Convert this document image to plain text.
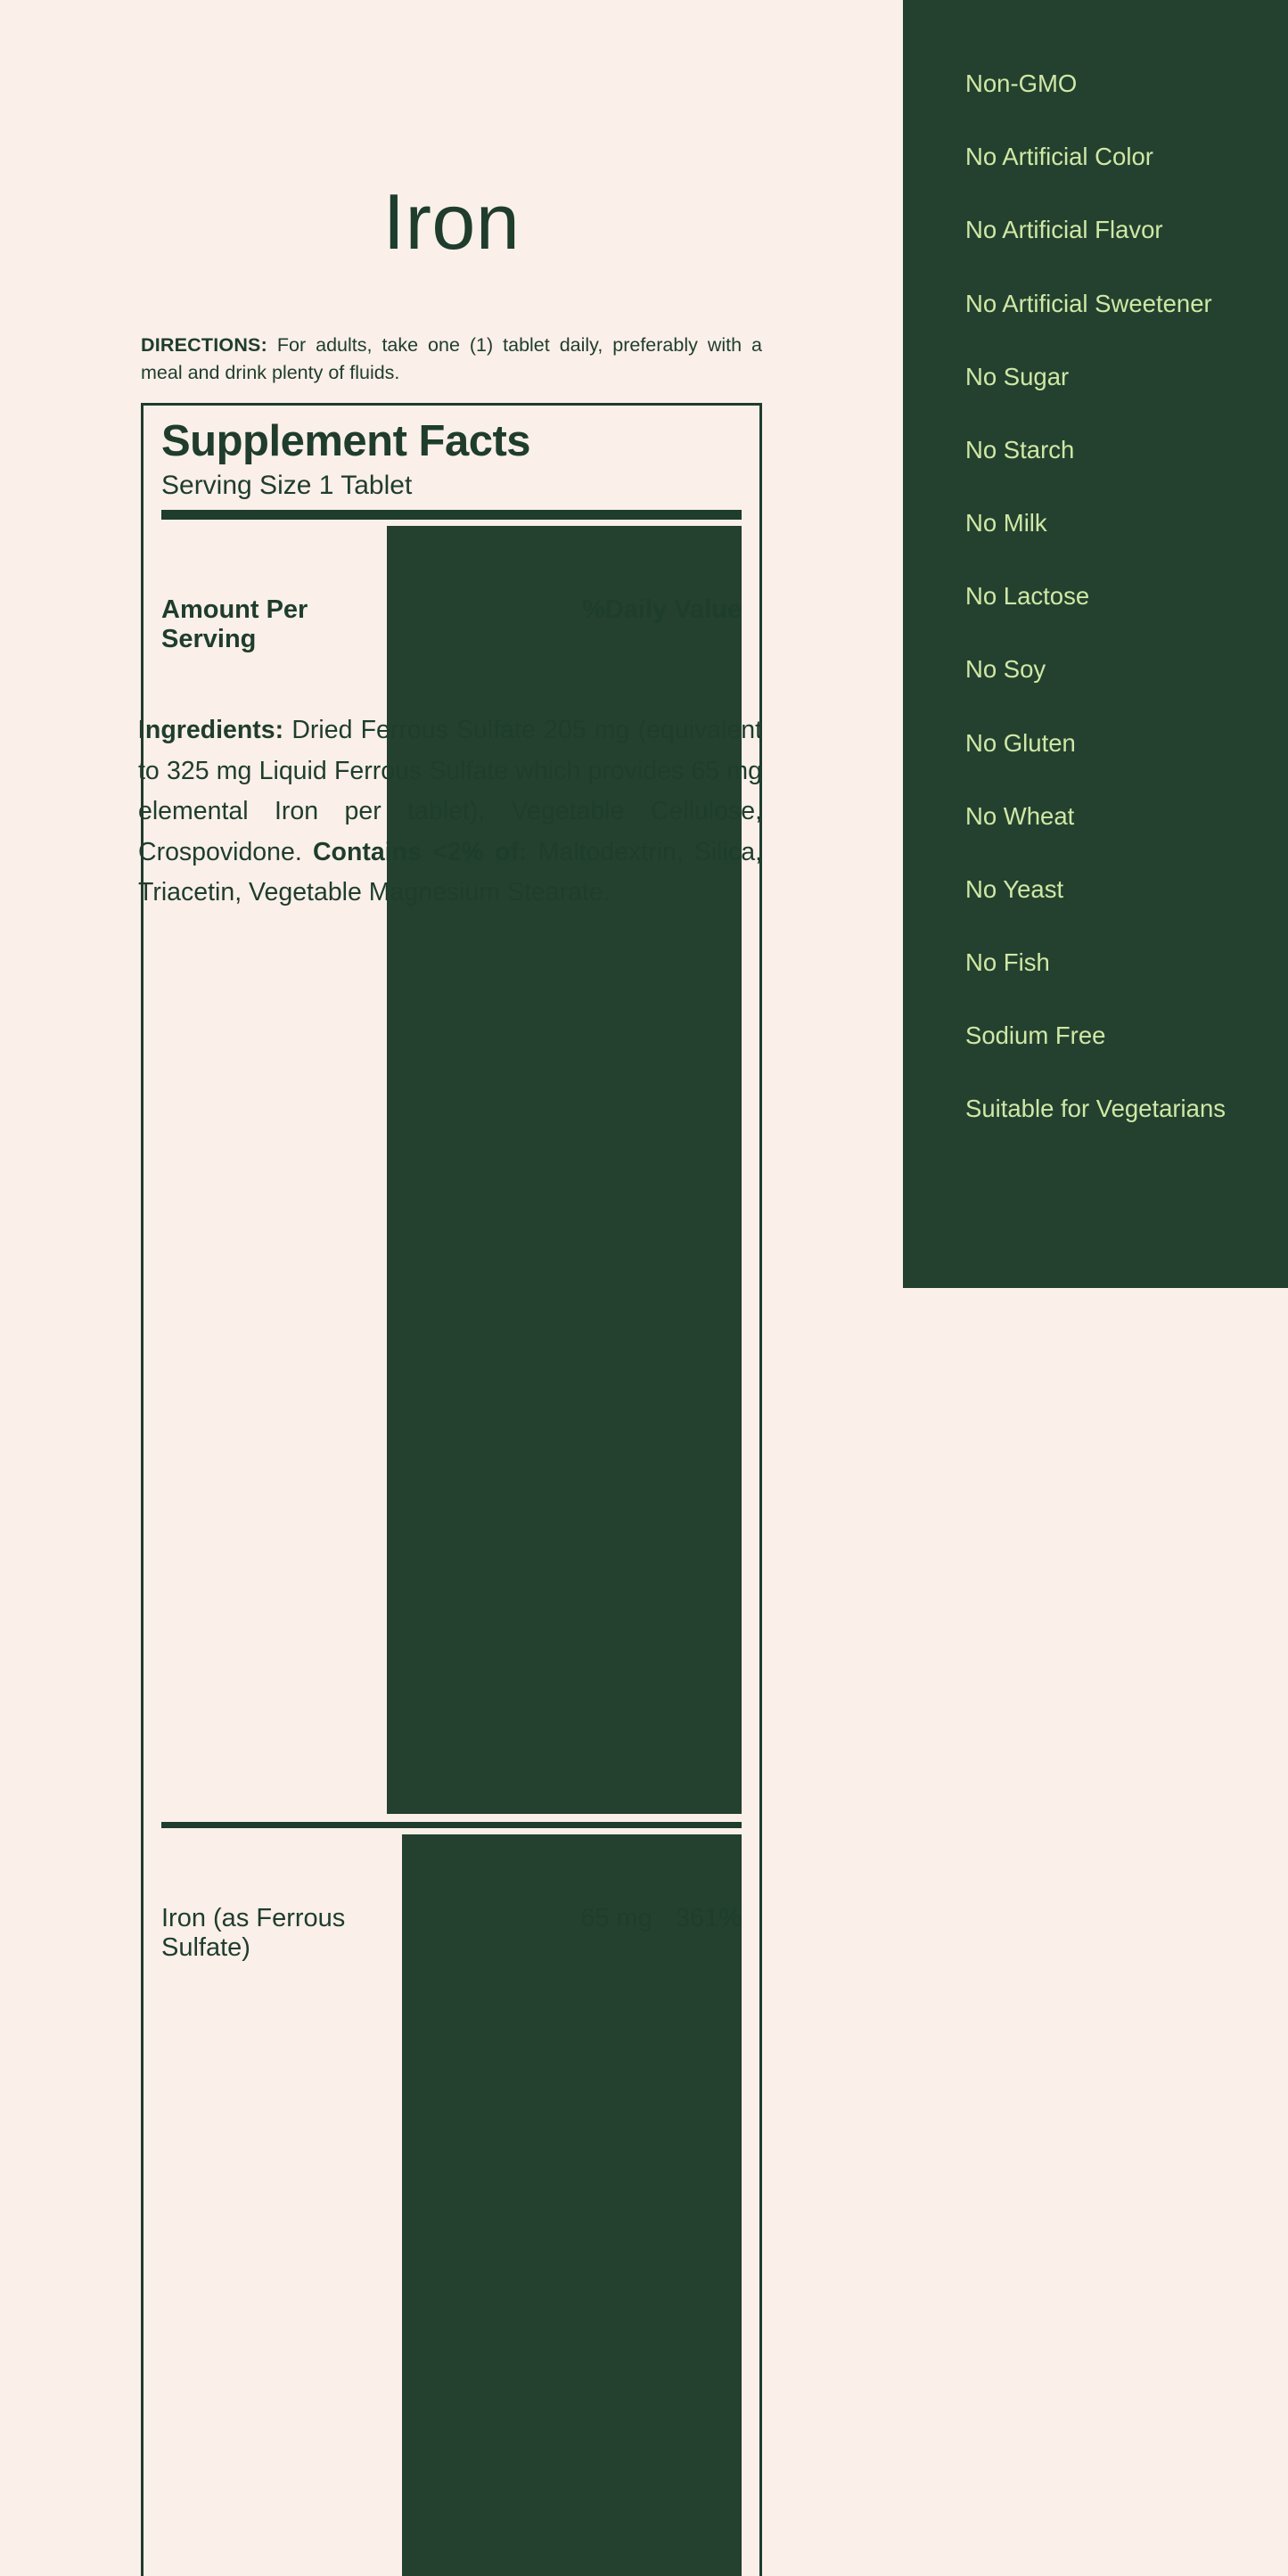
Iron
DIRECTIONS: For adults, take one (1) tablet daily, preferably with a meal and drink plenty of fluids.
Supplement Facts
Serving Size 1 Tablet
Amount Per Serving
%Daily Value
Iron (as Ferrous Sulfate)
65 mg 361%
Ingredients: Dried Ferrous Sulfate 205 mg (equivalent to 325 mg Liquid Ferrous Sulfate which provides 65 mg elemental Iron per tablet), Vegetable Cellulose, Crospovidone. Contains <2% of: Maltodextrin, Silica, Triacetin, Vegetable Magnesium Stearate.
Non-GMO
No Artificial Color
No Artificial Flavor
No Artificial Sweetener
No Sugar
No Starch
No Milk
No Lactose
No Soy
No Gluten
No Wheat
No Yeast
No Fish
Sodium Free
Suitable for Vegetarians
